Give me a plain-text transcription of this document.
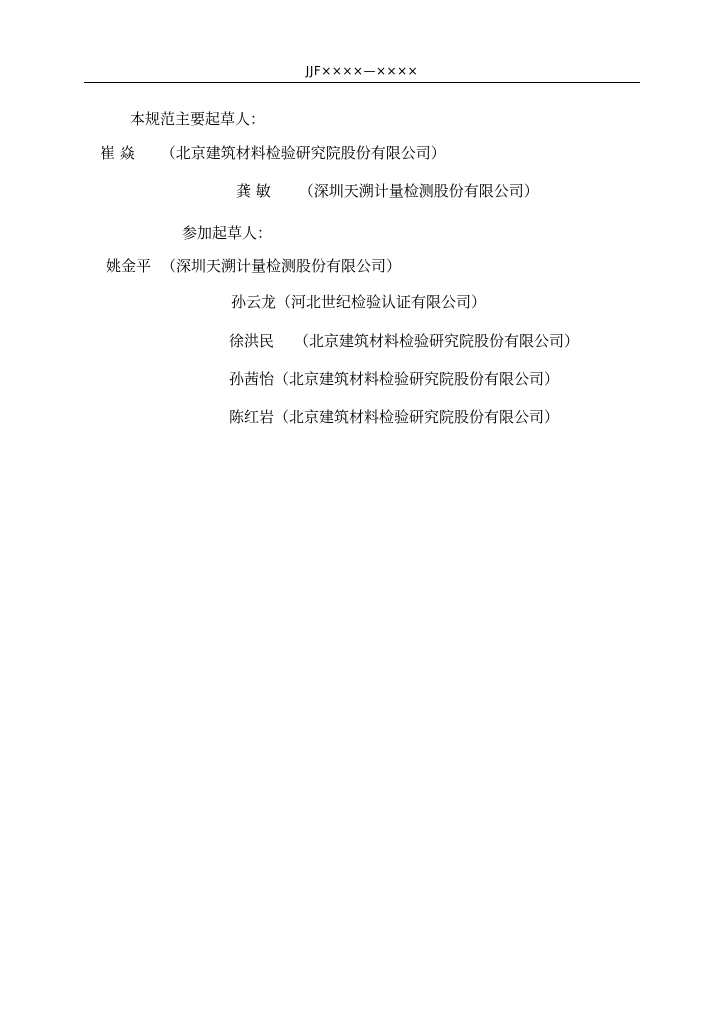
JJF××××—××××
本规范主要起草人：
崔 焱 （北京建筑材料检验研究院股份有限公司）
龚 敏 （深圳天溯计量检测股份有限公司）
参加起草人：
姚金平 （深圳天溯计量检测股份有限公司）
孙云龙（河北世纪检验认证有限公司）
徐洪民 （北京建筑材料检验研究院股份有限公司）
孙茜怡（北京建筑材料检验研究院股份有限公司）
陈红岩（北京建筑材料检验研究院股份有限公司）
